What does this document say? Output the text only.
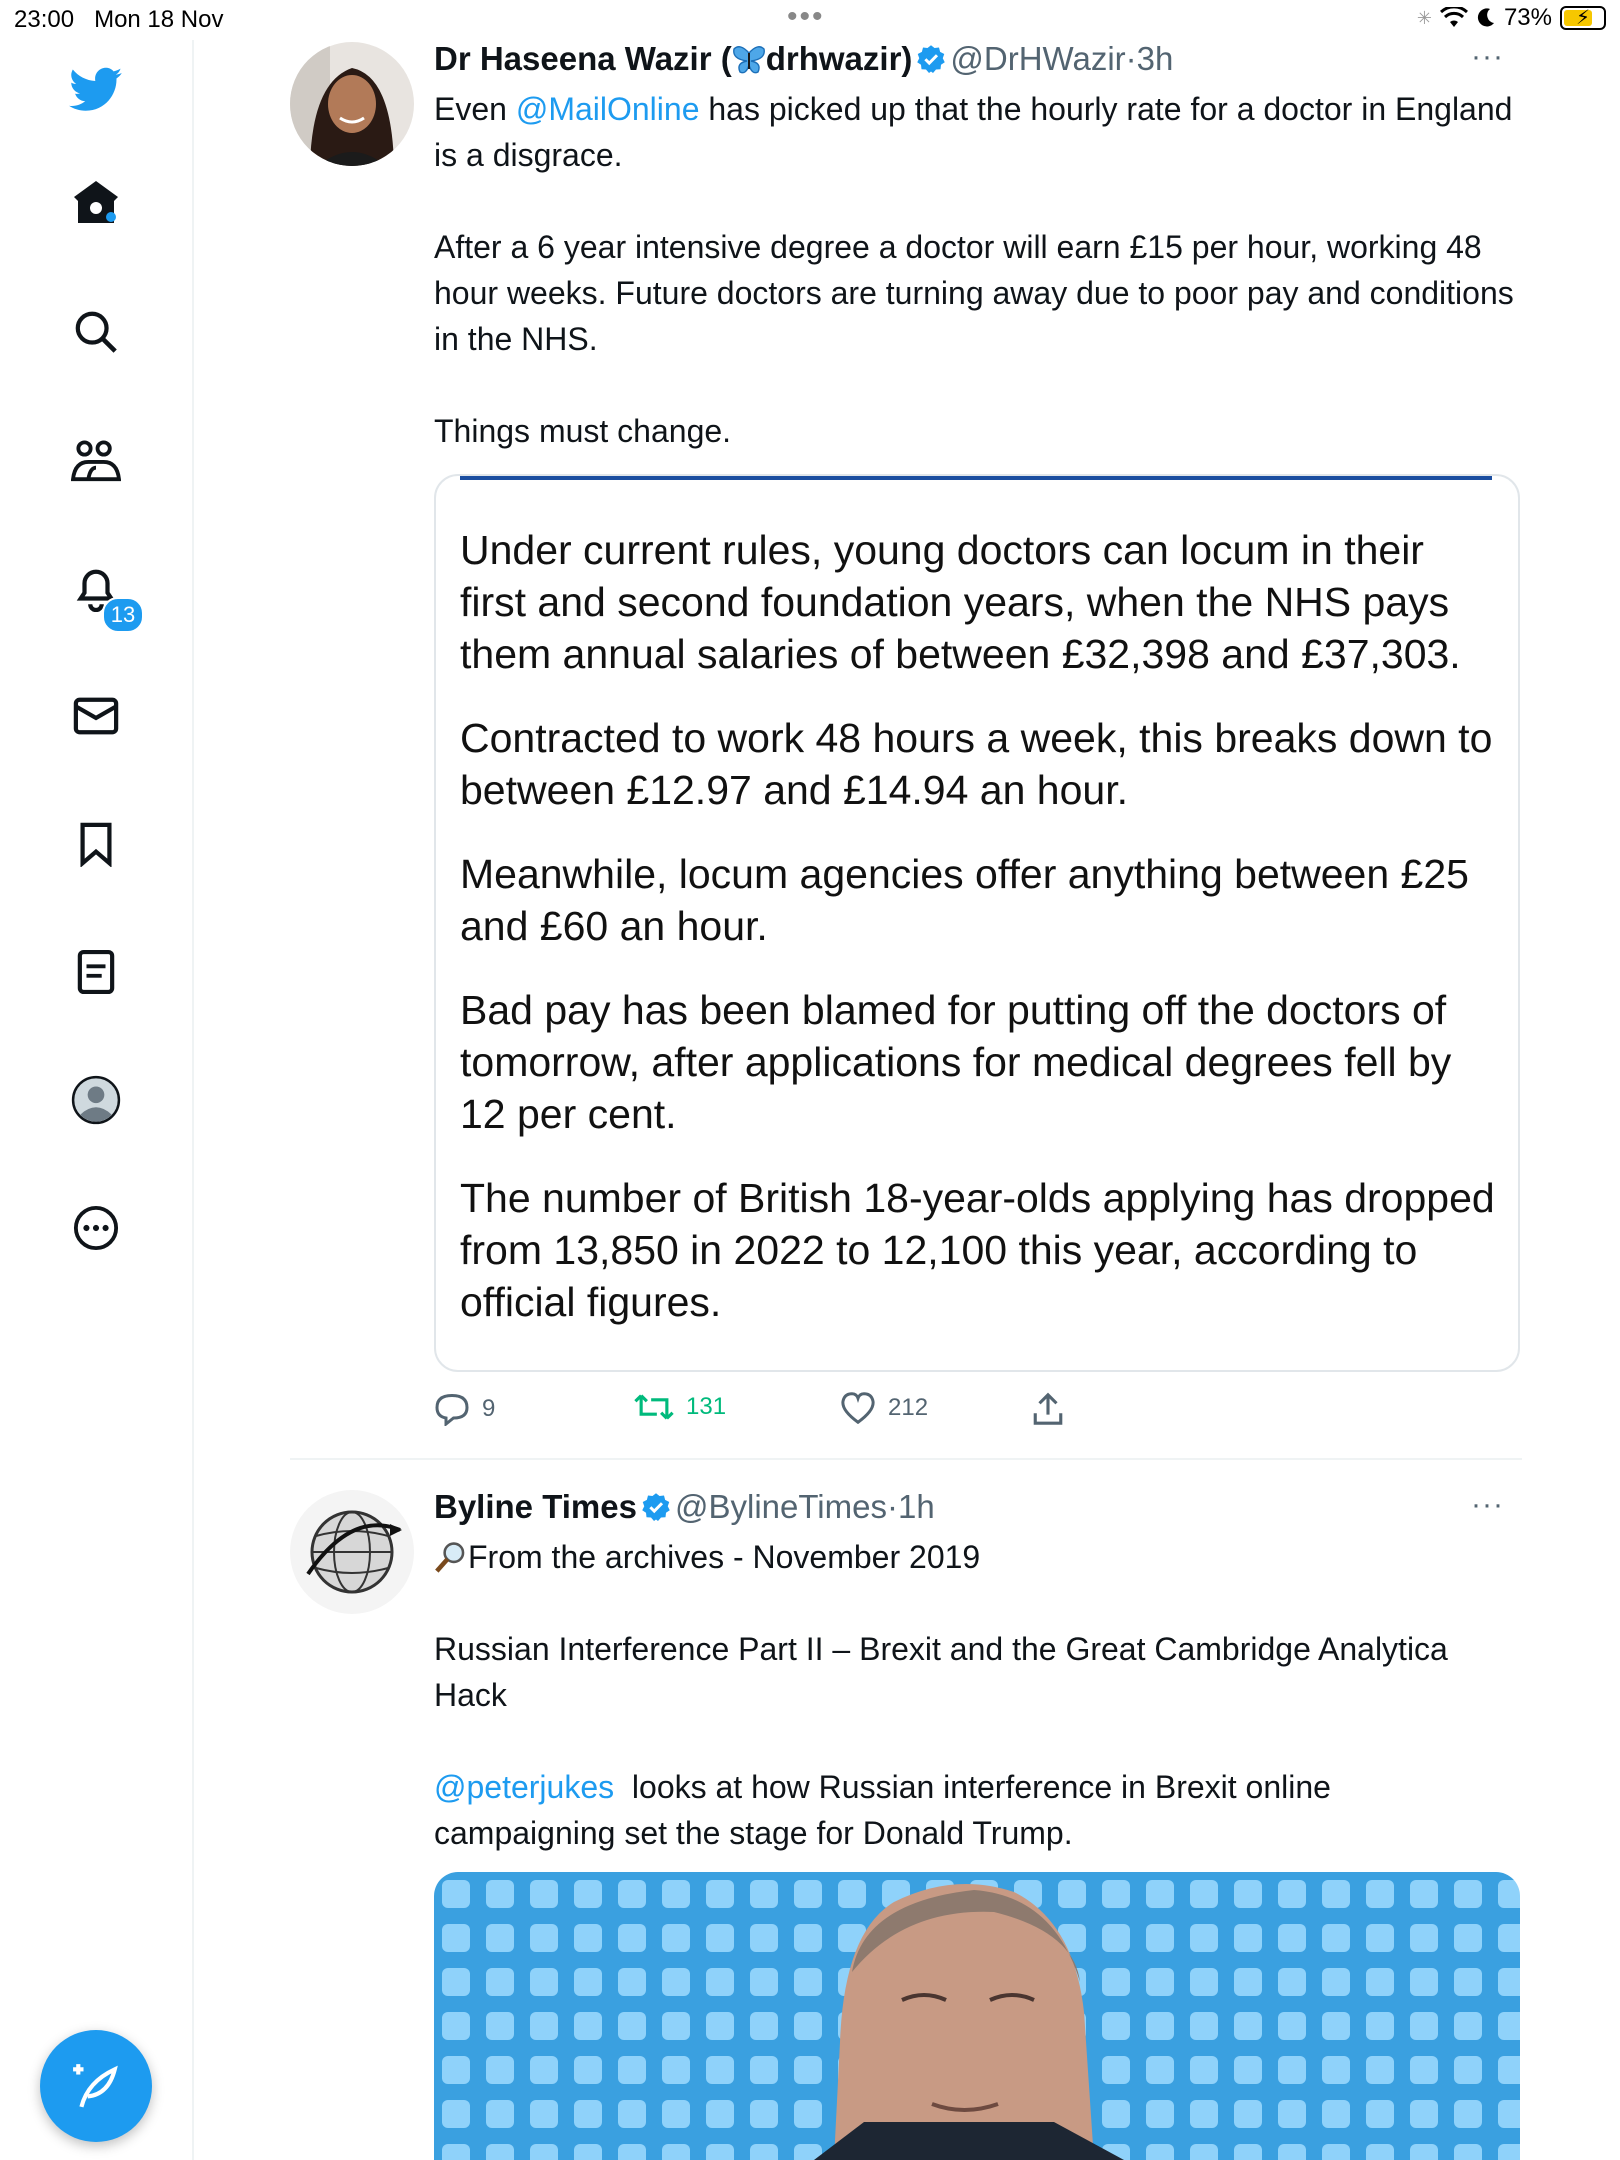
23:00 Mon 18 Nov	•••	✳	73% ⚡
13
Dr Haseena Wazir ( drhwazir) @DrHWazir·3h	···

Even @MailOnline has picked up that the hourly rate for a doctor in England is a disgrace.

After a 6 year intensive degree a doctor will earn £15 per hour, working 48 hour weeks. Future doctors are turning away due to poor pay and conditions in the NHS.

Things must change.

Under current rules, young doctors can locum in their first and second foundation years, when the NHS pays them annual salaries of between £32,398 and £37,303.

Contracted to work 48 hours a week, this breaks down to between £12.97 and £14.94 an hour.

Meanwhile, locum agencies offer anything between £25 and £60 an hour.

Bad pay has been blamed for putting off the doctors of tomorrow, after applications for medical degrees fell by 12 per cent.

The number of British 18-year-olds applying has dropped from 13,850 in 2022 to 12,100 this year, according to official figures.

9	131	212
Byline Times @BylineTimes·1h	···

From the archives - November 2019

Russian Interference Part II – Brexit and the Great Cambridge Analytica Hack

@peterjukes  looks at how Russian interference in Brexit online campaigning set the stage for Donald Trump.
